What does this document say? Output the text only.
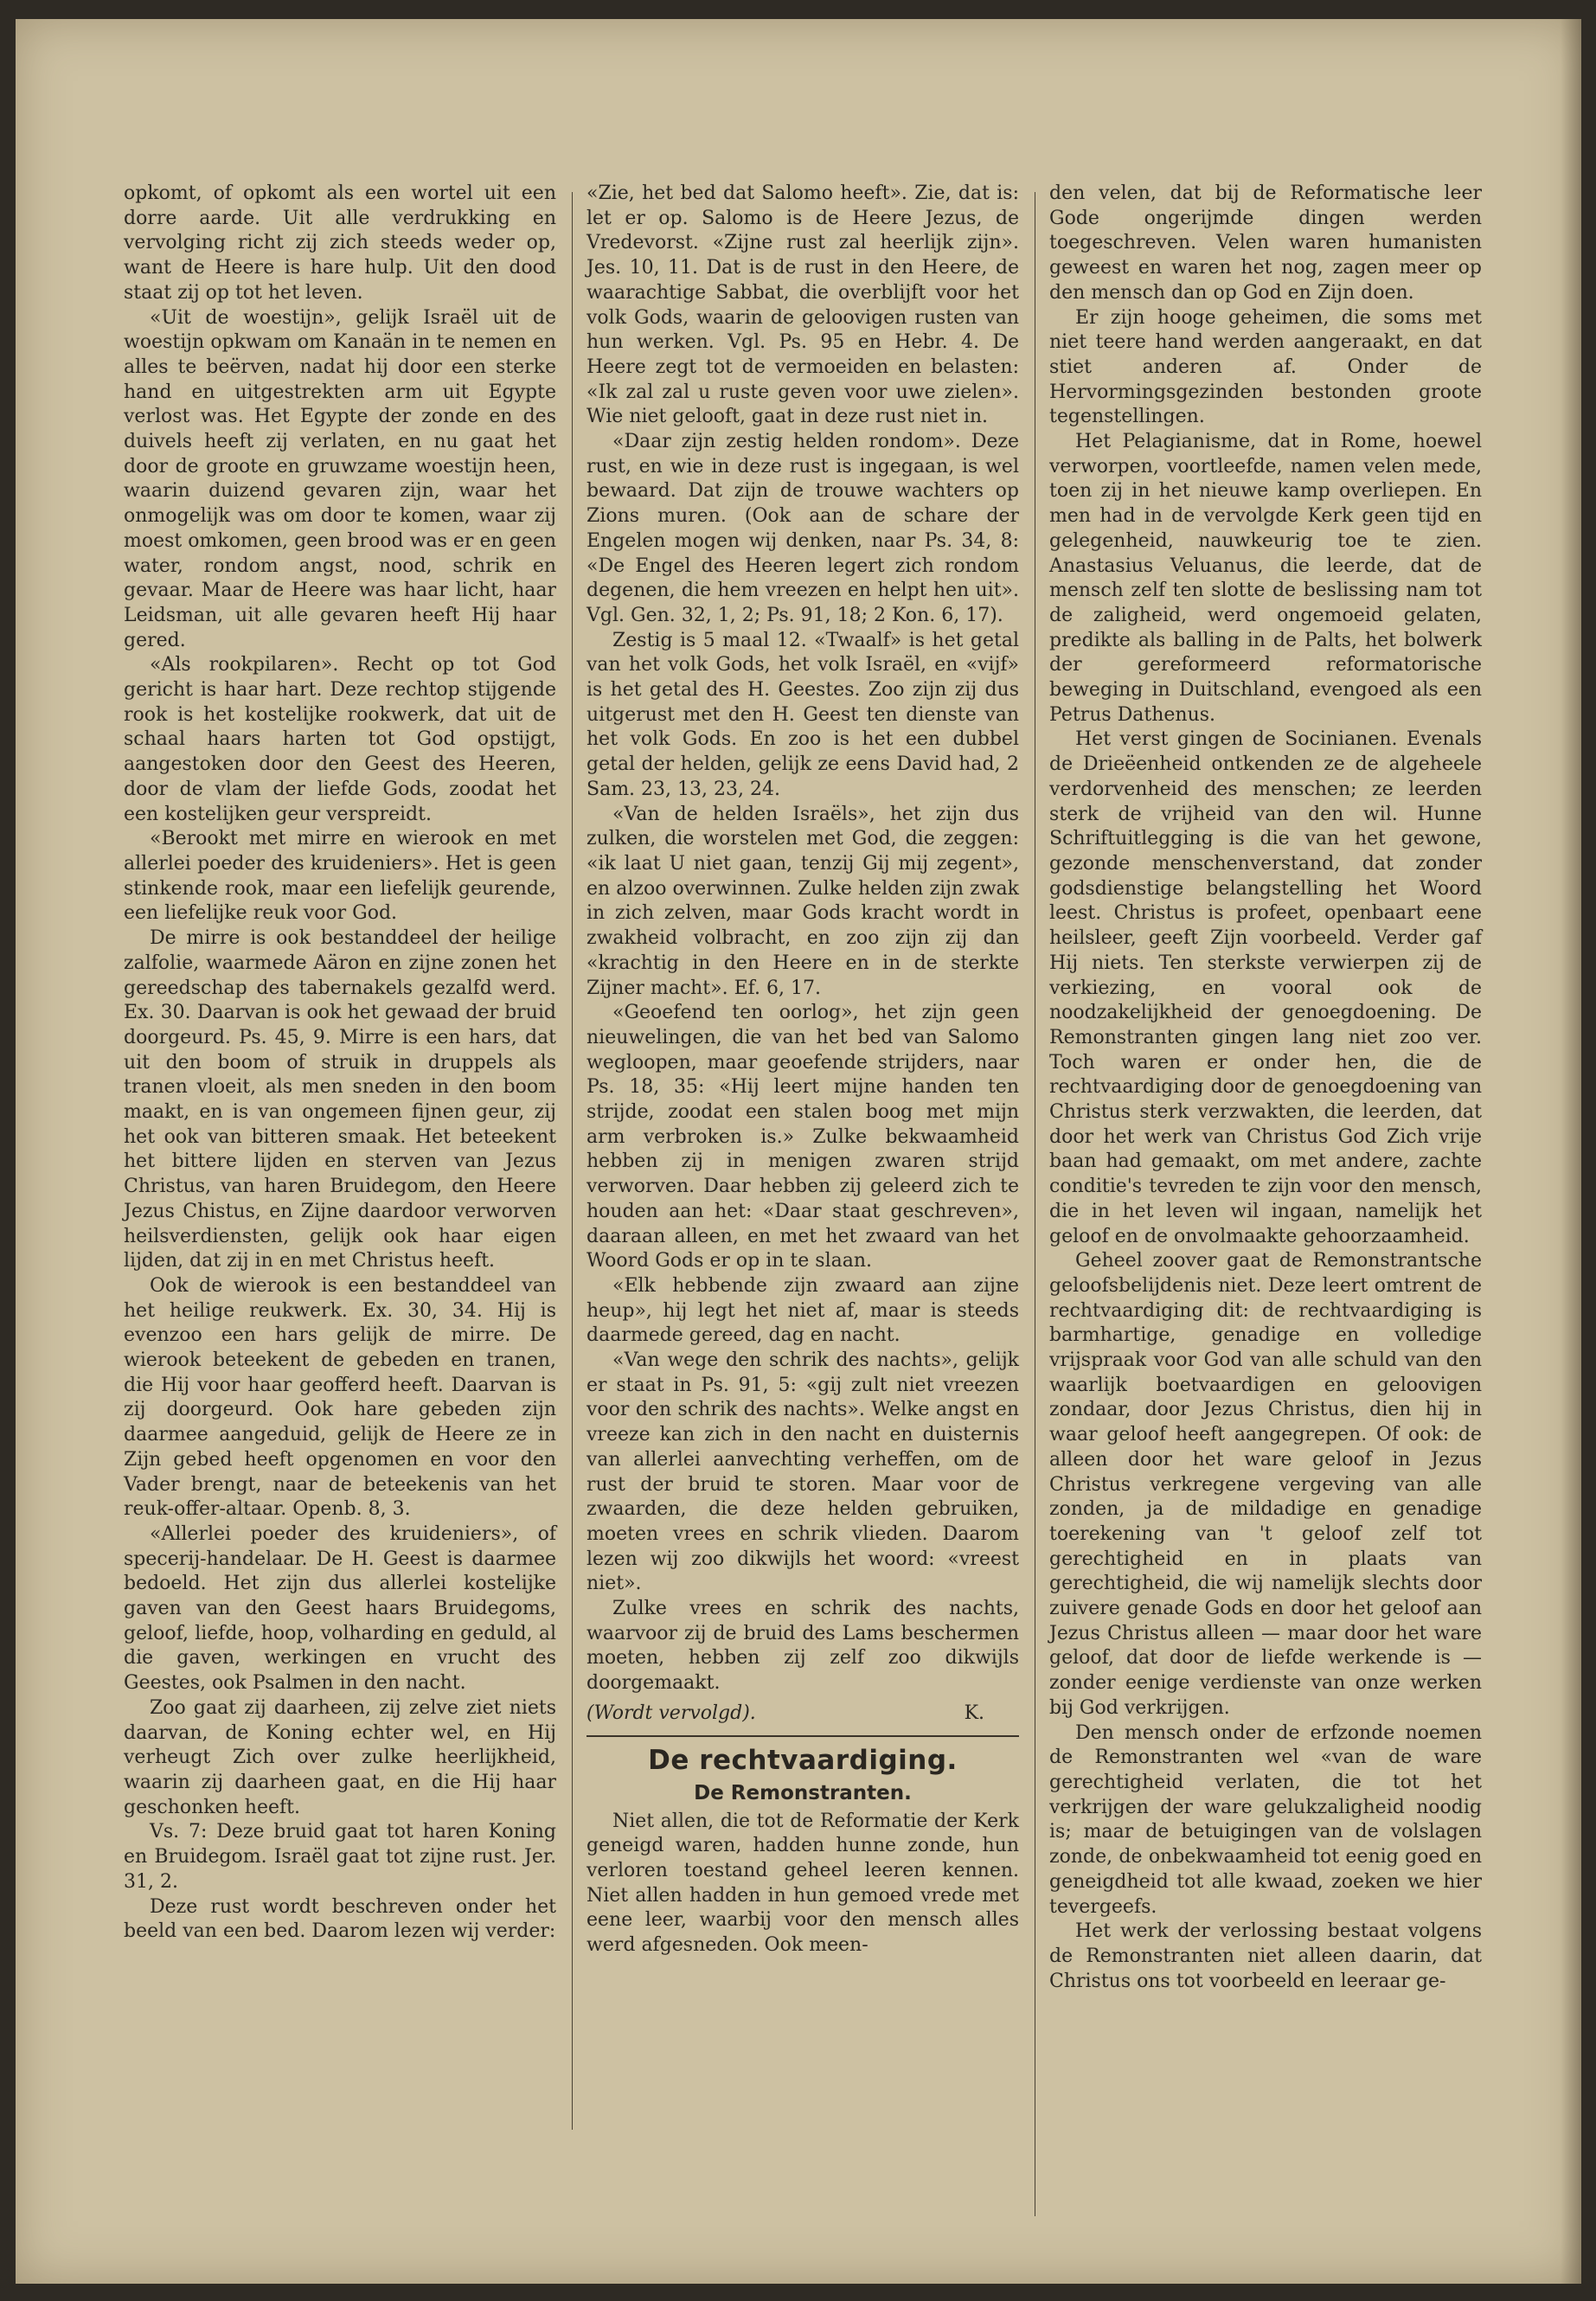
opkomt, of opkomt als een wortel uit een dorre aarde. Uit alle verdrukking en vervolging richt zij zich steeds weder op, want de Heere is hare hulp. Uit den dood staat zij op tot het leven.

«Uit de woestijn», gelijk Israël uit de woestijn opkwam om Kanaän in te nemen en alles te beërven, nadat hij door een sterke hand en uitgestrekten arm uit Egypte verlost was. Het Egypte der zonde en des duivels heeft zij verlaten, en nu gaat het door de groote en gruwzame woestijn heen, waarin duizend gevaren zijn, waar het onmogelijk was om door te komen, waar zij moest omkomen, geen brood was er en geen water, rondom angst, nood, schrik en gevaar. Maar de Heere was haar licht, haar Leidsman, uit alle gevaren heeft Hij haar gered.

«Als rookpilaren». Recht op tot God gericht is haar hart. Deze rechtop stijgende rook is het kostelijke rookwerk, dat uit de schaal haars harten tot God opstijgt, aangestoken door den Geest des Heeren, door de vlam der liefde Gods, zoodat het een kostelijken geur verspreidt.

«Berookt met mirre en wierook en met allerlei poeder des kruideniers». Het is geen stinkende rook, maar een liefelijk geurende, een liefelijke reuk voor God.

De mirre is ook bestanddeel der heilige zalfolie, waarmede Aäron en zijne zonen het gereedschap des tabernakels gezalfd werd. Ex. 30. Daarvan is ook het gewaad der bruid doorgeurd. Ps. 45, 9. Mirre is een hars, dat uit den boom of struik in druppels als tranen vloeit, als men sneden in den boom maakt, en is van ongemeen fijnen geur, zij het ook van bitteren smaak. Het beteekent het bittere lijden en sterven van Jezus Christus, van haren Bruidegom, den Heere Jezus Chistus, en Zijne daardoor verworven heilsverdiensten, gelijk ook haar eigen lijden, dat zij in en met Christus heeft.

Ook de wierook is een bestanddeel van het heilige reukwerk. Ex. 30, 34. Hij is evenzoo een hars gelijk de mirre. De wierook beteekent de gebeden en tranen, die Hij voor haar geofferd heeft. Daarvan is zij doorgeurd. Ook hare gebeden zijn daarmee aangeduid, gelijk de Heere ze in Zijn gebed heeft opgenomen en voor den Vader brengt, naar de beteekenis van het reuk-offer-altaar. Openb. 8, 3.

«Allerlei poeder des kruideniers», of specerij-handelaar. De H. Geest is daarmee bedoeld. Het zijn dus allerlei kostelijke gaven van den Geest haars Bruidegoms, geloof, liefde, hoop, volharding en geduld, al die gaven, werkingen en vrucht des Geestes, ook Psalmen in den nacht.

Zoo gaat zij daarheen, zij zelve ziet niets daarvan, de Koning echter wel, en Hij verheugt Zich over zulke heerlijkheid, waarin zij daarheen gaat, en die Hij haar geschonken heeft.

Vs. 7: Deze bruid gaat tot haren Koning en Bruidegom. Israël gaat tot zijne rust. Jer. 31, 2.

Deze rust wordt beschreven onder het beeld van een bed. Daarom lezen wij verder:

«Zie, het bed dat Salomo heeft». Zie, dat is: let er op. Salomo is de Heere Jezus, de Vredevorst. «Zijne rust zal heerlijk zijn». Jes. 10, 11. Dat is de rust in den Heere, de waarachtige Sabbat, die overblijft voor het volk Gods, waarin de geloovigen rusten van hun werken. Vgl. Ps. 95 en Hebr. 4. De Heere zegt tot de vermoeiden en belasten: «Ik zal zal u ruste geven voor uwe zielen». Wie niet gelooft, gaat in deze rust niet in.

«Daar zijn zestig helden rondom». Deze rust, en wie in deze rust is ingegaan, is wel bewaard. Dat zijn de trouwe wachters op Zions muren. (Ook aan de schare der Engelen mogen wij denken, naar Ps. 34, 8: «De Engel des Heeren legert zich rondom degenen, die hem vreezen en helpt hen uit». Vgl. Gen. 32, 1, 2; Ps. 91, 18; 2 Kon. 6, 17).

Zestig is 5 maal 12. «Twaalf» is het getal van het volk Gods, het volk Israël, en «vijf» is het getal des H. Geestes. Zoo zijn zij dus uitgerust met den H. Geest ten dienste van het volk Gods. En zoo is het een dubbel getal der helden, gelijk ze eens David had, 2 Sam. 23, 13, 23, 24.

«Van de helden Israëls», het zijn dus zulken, die worstelen met God, die zeggen: «ik laat U niet gaan, tenzij Gij mij zegent», en alzoo overwinnen. Zulke helden zijn zwak in zich zelven, maar Gods kracht wordt in zwakheid volbracht, en zoo zijn zij dan «krachtig in den Heere en in de sterkte Zijner macht». Ef. 6, 17.

«Geoefend ten oorlog», het zijn geen nieuwelingen, die van het bed van Salomo wegloopen, maar geoefende strijders, naar Ps. 18, 35: «Hij leert mijne handen ten strijde, zoodat een stalen boog met mijn arm verbroken is.» Zulke bekwaamheid hebben zij in menigen zwaren strijd verworven. Daar hebben zij geleerd zich te houden aan het: «Daar staat geschreven», daaraan alleen, en met het zwaard van het Woord Gods er op in te slaan.

«Elk hebbende zijn zwaard aan zijne heup», hij legt het niet af, maar is steeds daarmede gereed, dag en nacht.

«Van wege den schrik des nachts», gelijk er staat in Ps. 91, 5: «gij zult niet vreezen voor den schrik des nachts». Welke angst en vreeze kan zich in den nacht en duisternis van allerlei aanvechting verheffen, om de rust der bruid te storen. Maar voor de zwaarden, die deze helden gebruiken, moeten vrees en schrik vlieden. Daarom lezen wij zoo dikwijls het woord: «vreest niet».

Zulke vrees en schrik des nachts, waarvoor zij de bruid des Lams beschermen moeten, hebben zij zelf zoo dikwijls doorgemaakt.

(Wordt vervolgd).	K.
De rechtvaardiging.
De Remonstranten.

Niet allen, die tot de Reformatie der Kerk geneigd waren, hadden hunne zonde, hun verloren toestand geheel leeren kennen. Niet allen hadden in hun gemoed vrede met eene leer, waarbij voor den mensch alles werd afgesneden. Ook meen-

den velen, dat bij de Reformatische leer Gode ongerijmde dingen werden toegeschreven. Velen waren humanisten geweest en waren het nog, zagen meer op den mensch dan op God en Zijn doen.

Er zijn hooge geheimen, die soms met niet teere hand werden aangeraakt, en dat stiet anderen af. Onder de Hervormingsgezinden bestonden groote tegenstellingen.

Het Pelagianisme, dat in Rome, hoewel verworpen, voortleefde, namen velen mede, toen zij in het nieuwe kamp overliepen. En men had in de vervolgde Kerk geen tijd en gelegenheid, nauwkeurig toe te zien. Anastasius Veluanus, die leerde, dat de mensch zelf ten slotte de beslissing nam tot de zaligheid, werd ongemoeid gelaten, predikte als balling in de Palts, het bolwerk der gereformeerd reformatorische beweging in Duitschland, evengoed als een Petrus Dathenus.

Het verst gingen de Socinianen. Evenals de Drieëenheid ontkenden ze de algeheele verdorvenheid des menschen; ze leerden sterk de vrijheid van den wil. Hunne Schriftuitlegging is die van het gewone, gezonde menschenverstand, dat zonder godsdienstige belangstelling het Woord leest. Christus is profeet, openbaart eene heilsleer, geeft Zijn voorbeeld. Verder gaf Hij niets. Ten sterkste verwierpen zij de verkiezing, en vooral ook de noodzakelijkheid der genoegdoening. De Remonstranten gingen lang niet zoo ver. Toch waren er onder hen, die de rechtvaardiging door de genoegdoening van Christus sterk verzwakten, die leerden, dat door het werk van Christus God Zich vrije baan had gemaakt, om met andere, zachte conditie's tevreden te zijn voor den mensch, die in het leven wil ingaan, namelijk het geloof en de onvolmaakte gehoorzaamheid.

Geheel zoover gaat de Remonstrantsche geloofsbelijdenis niet. Deze leert omtrent de rechtvaardiging dit: de rechtvaardiging is barmhartige, genadige en volledige vrijspraak voor God van alle schuld van den waarlijk boetvaardigen en geloovigen zondaar, door Jezus Christus, dien hij in waar geloof heeft aangegrepen. Of ook: de alleen door het ware geloof in Jezus Christus verkregene vergeving van alle zonden, ja de mildadige en genadige toerekening van 't geloof zelf tot gerechtigheid en in plaats van gerechtigheid, die wij namelijk slechts door zuivere genade Gods en door het geloof aan Jezus Christus alleen — maar door het ware geloof, dat door de liefde werkende is — zonder eenige verdienste van onze werken bij God verkrijgen.

Den mensch onder de erfzonde noemen de Remonstranten wel «van de ware gerechtigheid verlaten, die tot het verkrijgen der ware gelukzaligheid noodig is; maar de betuigingen van de volslagen zonde, de onbekwaamheid tot eenig goed en geneigdheid tot alle kwaad, zoeken we hier tevergeefs.

Het werk der verlossing bestaat volgens de Remonstranten niet alleen daarin, dat Christus ons tot voorbeeld en leeraar ge-
